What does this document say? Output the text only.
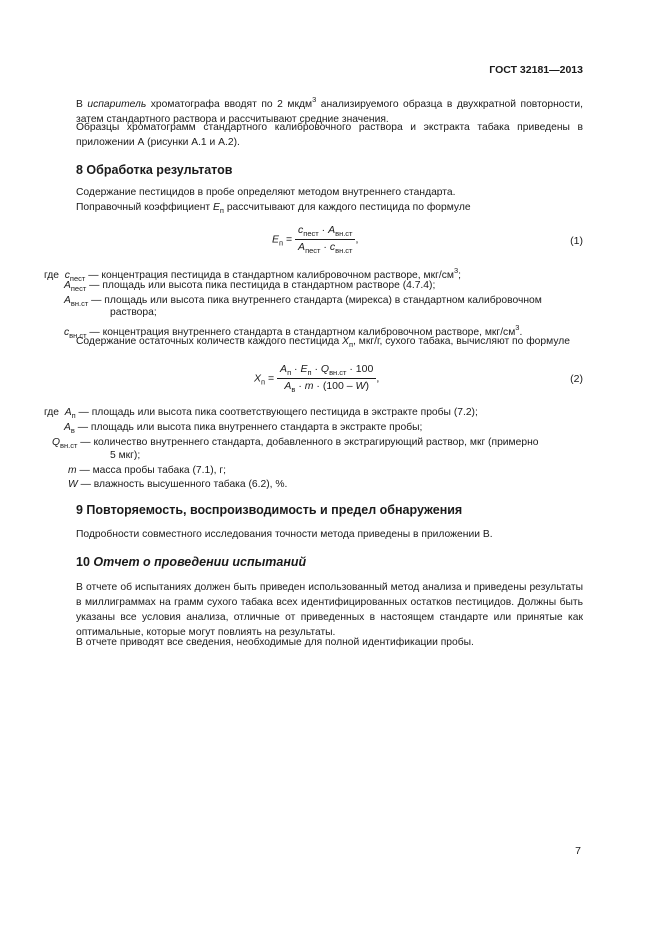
ГОСТ 32181—2013
В испаритель хроматографа вводят по 2 мкдм$^3$ анализируемого образца в двухкратной повторности, затем стандартного раствора и рассчитывают средние значения.
Образцы хроматограмм стандартного калибровочного раствора и экстракта табака приведены в приложении А (рисунки А.1 и А.2).
8 Обработка результатов
Содержание пестицидов в пробе определяют методом внутреннего стандарта.
Поправочный коэффициент $E_п$ рассчитывают для каждого пестицида по формуле
$E_п = \frac{c_{пест} \cdot A_{вн.ст}}{A_{пест} \cdot c_{вн.ст}}$ ,	(1)
где  $c_{пест}$ — концентрация пестицида в стандартном калибровочном растворе, мкг/$см^3$;
$A_{пест}$ — площадь или высота пика пестицида в стандартном растворе (4.7.4);
$A_{вн.ст}$ — площадь или высота пика внутреннего стандарта (мирекса) в стандартном калибровочном
раствора;
$c_{вн.ст}$ — концентрация внутреннего стандарта в стандартном калибровочном растворе, мкг/$см^3$.
Содержание остаточных количеств каждого пестицида $X_п$, мкг/г, сухого табака, вычисляют по формуле
$X_п = \frac{A_п \cdot E_п \cdot Q_{вн.ст} \cdot 100}{A_в \cdot m \cdot (100 - W)}$ ,	(2)
где  $A_п$ — площадь или высота пика соответствующего пестицида в экстракте пробы (7.2);
$A_в$ — площадь или высота пика внутреннего стандарта в экстракте пробы;
$Q_{вн.ст}$ — количество внутреннего стандарта, добавленного в экстрагирующий раствор, мкг (примерно
5 мкг);
m — масса пробы табака (7.1), г;
W — влажность высушенного табака (6.2), %.
9 Повторяемость, воспроизводимость и предел обнаружения
Подробности совместного исследования точности метода приведены в приложении В.
10 Отчет о проведении испытаний
В отчете об испытаниях должен быть приведен использованный метод анализа и приведены результаты в миллиграммах на грамм сухого табака всех идентифицированных остатков пестицидов. Должны быть указаны все условия анализа, отличные от приведенных в настоящем стандарте или принятые как оптимальные, которые могут повлиять на результаты.
В отчете приводят все сведения, необходимые для полной идентификации пробы.
7
